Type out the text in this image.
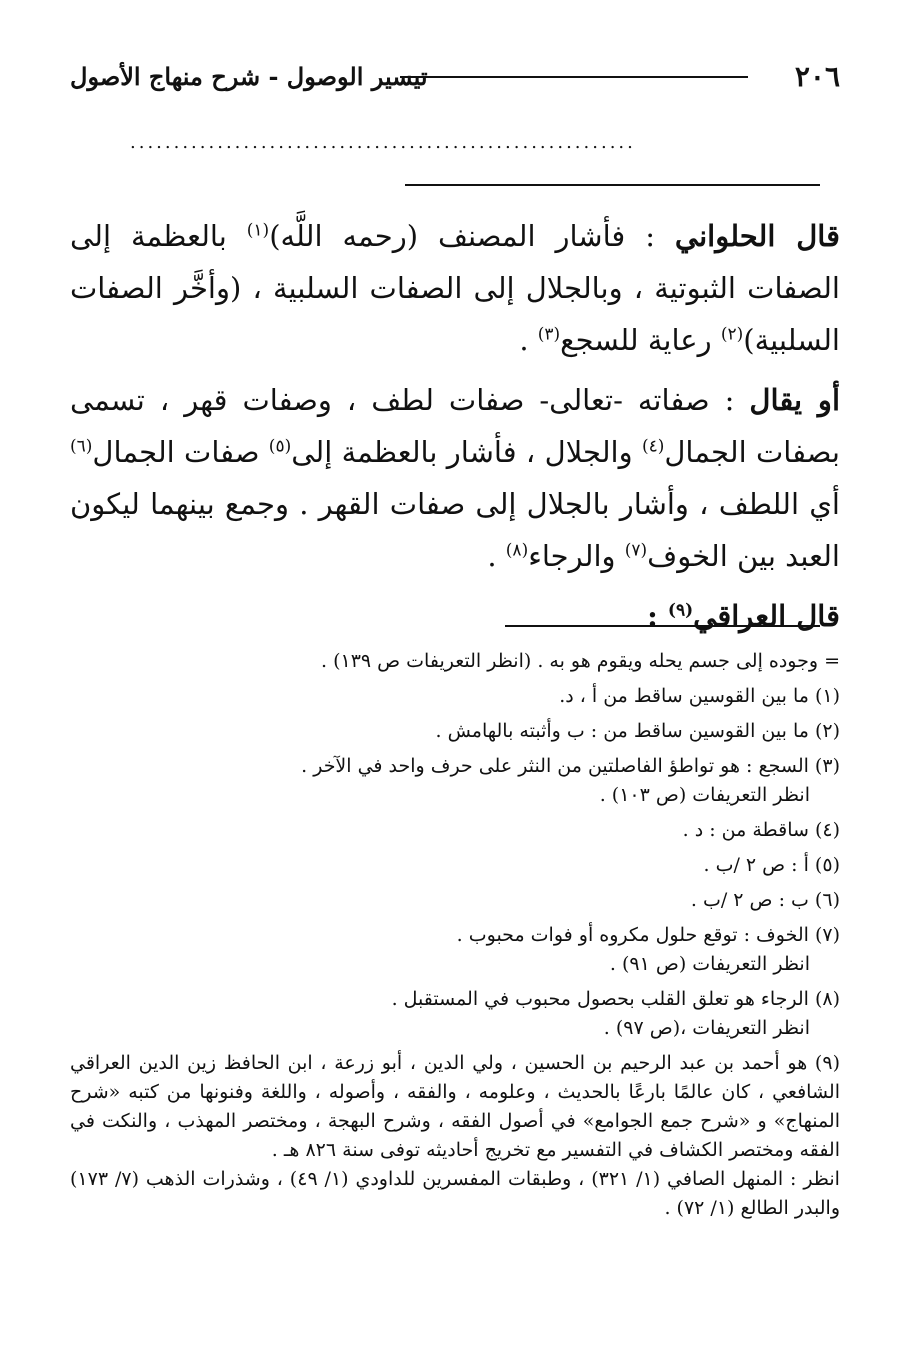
٢٠٦
تيسير الوصول - شرح منهاج الأصول
..........................................................

قال الحلواني : فأشار المصنف (رحمه اللَّه)$^{(١)}$ بالعظمة إلى الصفات الثبوتية ، وبالجلال إلى الصفات السلبية ، (وأخَّر الصفات السلبية)$^{(٢)}$ رعاية للسجع$^{(٣)}$ .

أو يقال : صفاته -تعالى- صفات لطف ، وصفات قهر ، تسمى بصفات الجمال$^{(٤)}$ والجلال ، فأشار بالعظمة إلى$^{(٥)}$ صفات الجمال$^{(٦)}$ أي اللطف ، وأشار بالجلال إلى صفات القهر . وجمع بينهما ليكون العبد بين الخوف$^{(٧)}$ والرجاء$^{(٨)}$ .

قال العراقي$^{(٩)}$ :

= وجوده إلى جسم يحله ويقوم هو به . (انظر التعريفات ص ١٣٩) .
(١) ما بين القوسين ساقط من أ ، د.
(٢) ما بين القوسين ساقط من : ب وأثبته بالهامش .
(٣) السجع : هو تواطؤ الفاصلتين من النثر على حرف واحد في الآخر .
انظر التعريفات (ص ١٠٣) .
(٤) ساقطة من : د .
(٥) أ : ص ٢ /ب .
(٦) ب : ص ٢ /ب .
(٧) الخوف : توقع حلول مكروه أو فوات محبوب .
انظر التعريفات (ص ٩١) .
(٨) الرجاء هو تعلق القلب بحصول محبوب في المستقبل .
انظر التعريفات ،(ص ٩٧) .
(٩) هو أحمد بن عبد الرحيم بن الحسين ، ولي الدين ، أبو زرعة ، ابن الحافظ زين الدين العراقي الشافعي ، كان عالمًا بارعًا بالحديث ، وعلومه ، والفقه ، وأصوله ، واللغة وفنونها من كتبه «شرح المنهاج» و «شرح جمع الجوامع» في أصول الفقه ، وشرح البهجة ، ومختصر المهذب ، والنكت في الفقه ومختصر الكشاف في التفسير مع تخريج أحاديثه توفى سنة ٨٢٦ هـ .
انظر : المنهل الصافي (١/ ٣٢١) ، وطبقات المفسرين للداودي (١/ ٤٩) ، وشذرات الذهب (٧/ ١٧٣) والبدر الطالع (١/ ٧٢) .
